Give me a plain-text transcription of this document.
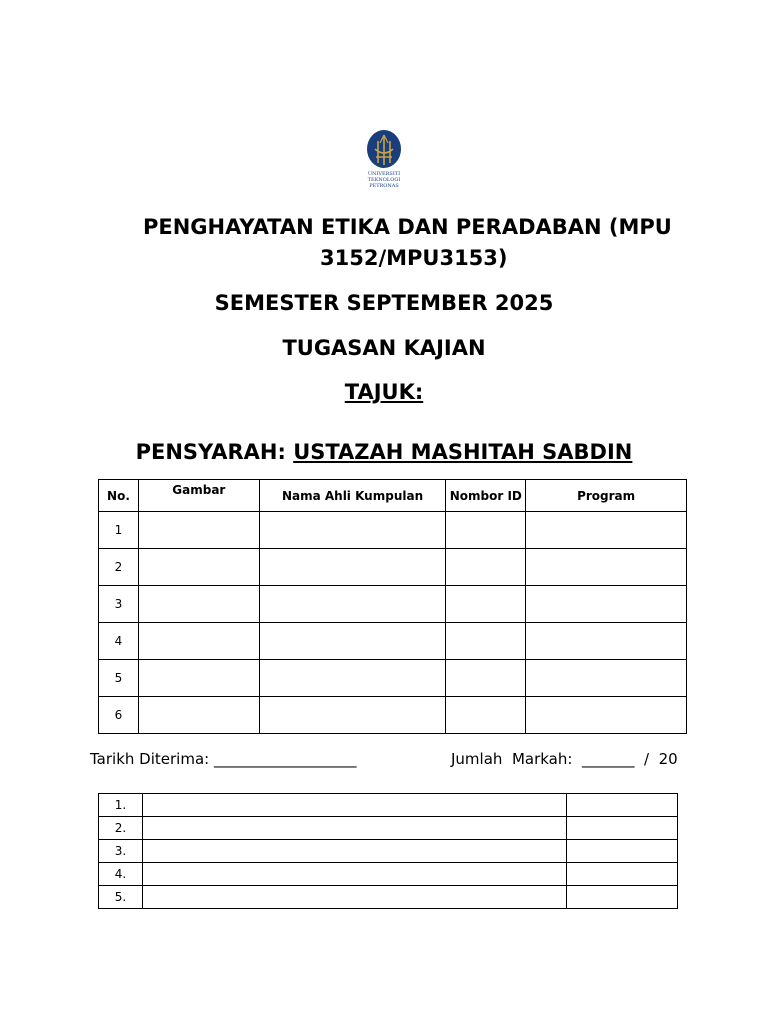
UNIVERSITI
TEKNOLOGI
PETRONAS
PENGHAYATAN ETIKA DAN PERADABAN (MPU
3152/MPU3153)
SEMESTER SEPTEMBER 2025
TUGASAN KAJIAN
TAJUK:
PENSYARAH: USTAZAH MASHITAH SABDIN
No.	Gambar	Nama Ahli Kumpulan	Nombor ID	Program
1				
2				
3				
4				
5				
6				
Tarikh Diterima: ___________________	Jumlah  Markah:  _______  /  20
1.		
2.		
3.		
4.		
5.		
